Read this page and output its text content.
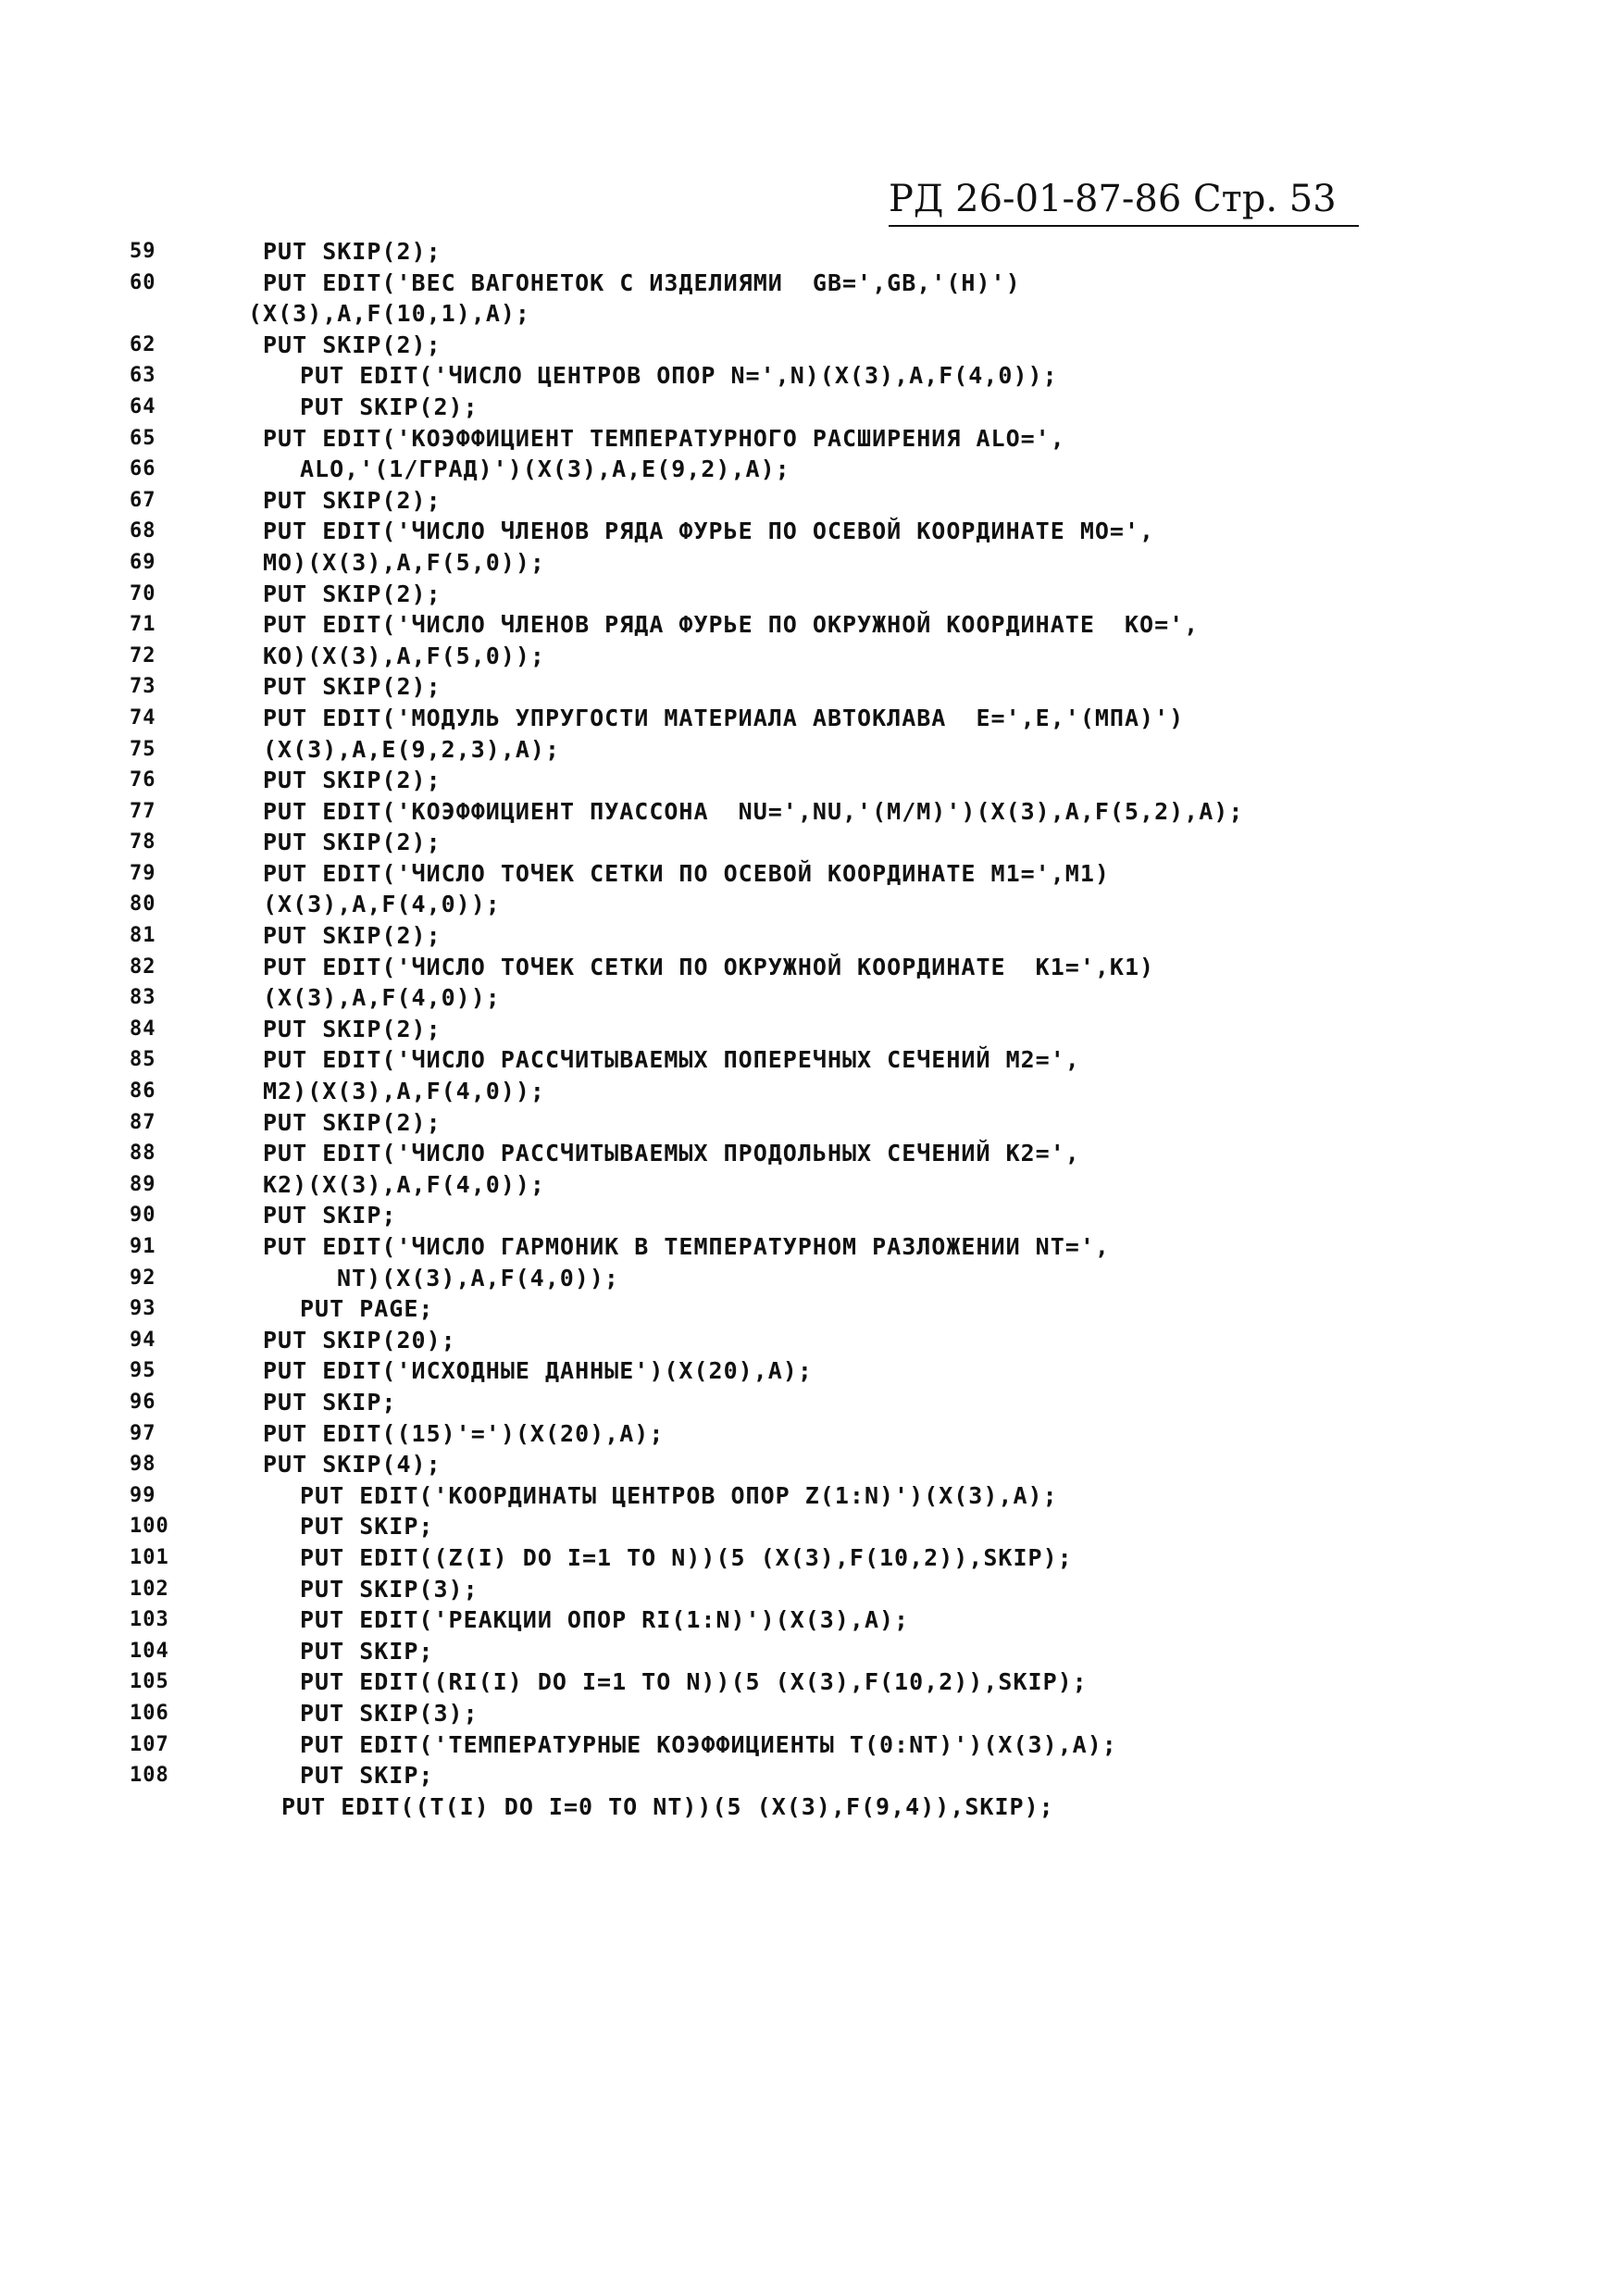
РД 26-01-87-86 Стр. 53
59	PUT SKIP(2);
60	PUT EDIT('ВЕС ВАГОНЕТОК С ИЗДЕЛИЯМИ  GB=',GB,'(Н)')
(X(3),A,F(10,1),A);
62	PUT SKIP(2);
63	PUT EDIT('ЧИСЛО ЦЕНТРОВ ОПОР N=',N)(X(3),A,F(4,0));
64	PUT SKIP(2);
65	PUT EDIT('КОЭФФИЦИЕНТ ТЕМПЕРАТУРНОГО РАСШИРЕНИЯ ALO=',
66	ALO,'(1/ГРАД)')(X(3),A,E(9,2),A);
67	PUT SKIP(2);
68	PUT EDIT('ЧИСЛО ЧЛЕНОВ РЯДА ФУРЬЕ ПО ОСЕВОЙ КООРДИНАТЕ MO=',
69	MO)(X(3),A,F(5,0));
70	PUT SKIP(2);
71	PUT EDIT('ЧИСЛО ЧЛЕНОВ РЯДА ФУРЬЕ ПО ОКРУЖНОЙ КООРДИНАТЕ  KO=',
72	KO)(X(3),A,F(5,0));
73	PUT SKIP(2);
74	PUT EDIT('МОДУЛЬ УПРУГОСТИ МАТЕРИАЛА АВТОКЛАВА  E=',E,'(МПА)')
75	(X(3),A,E(9,2,3),A);
76	PUT SKIP(2);
77	PUT EDIT('КОЭФФИЦИЕНТ ПУАССОНА  NU=',NU,'(М/М)')(X(3),A,F(5,2),A);
78	PUT SKIP(2);
79	PUT EDIT('ЧИСЛО ТОЧЕК СЕТКИ ПО ОСЕВОЙ КООРДИНАТЕ M1=',M1)
80	(X(3),A,F(4,0));
81	PUT SKIP(2);
82	PUT EDIT('ЧИСЛО ТОЧЕК СЕТКИ ПО ОКРУЖНОЙ КООРДИНАТЕ  K1=',K1)
83	(X(3),A,F(4,0));
84	PUT SKIP(2);
85	PUT EDIT('ЧИСЛО РАССЧИТЫВАЕМЫХ ПОПЕРЕЧНЫХ СЕЧЕНИЙ M2=',
86	M2)(X(3),A,F(4,0));
87	PUT SKIP(2);
88	PUT EDIT('ЧИСЛО РАССЧИТЫВАЕМЫХ ПРОДОЛЬНЫХ СЕЧЕНИЙ K2=',
89	K2)(X(3),A,F(4,0));
90	PUT SKIP;
91	PUT EDIT('ЧИСЛО ГАРМОНИК В ТЕМПЕРАТУРНОМ РАЗЛОЖЕНИИ NT=',
92	NT)(X(3),A,F(4,0));
93	PUT PAGE;
94	PUT SKIP(20);
95	PUT EDIT('ИСХОДНЫЕ ДАННЫЕ')(X(20),A);
96	PUT SKIP;
97	PUT EDIT((15)'=')(X(20),A);
98	PUT SKIP(4);
99	PUT EDIT('КООРДИНАТЫ ЦЕНТРОВ ОПОР Z(1:N)')(X(3),A);
100	PUT SKIP;
101	PUT EDIT((Z(I) DO I=1 TO N))(5 (X(3),F(10,2)),SKIP);
102	PUT SKIP(3);
103	PUT EDIT('РЕАКЦИИ ОПОР RI(1:N)')(X(3),A);
104	PUT SKIP;
105	PUT EDIT((RI(I) DO I=1 TO N))(5 (X(3),F(10,2)),SKIP);
106	PUT SKIP(3);
107	PUT EDIT('ТЕМПЕРАТУРНЫЕ КОЭФФИЦИЕНТЫ T(0:NT)')(X(3),A);
108	PUT SKIP;
PUT EDIT((T(I) DO I=0 TO NT))(5 (X(3),F(9,4)),SKIP);
